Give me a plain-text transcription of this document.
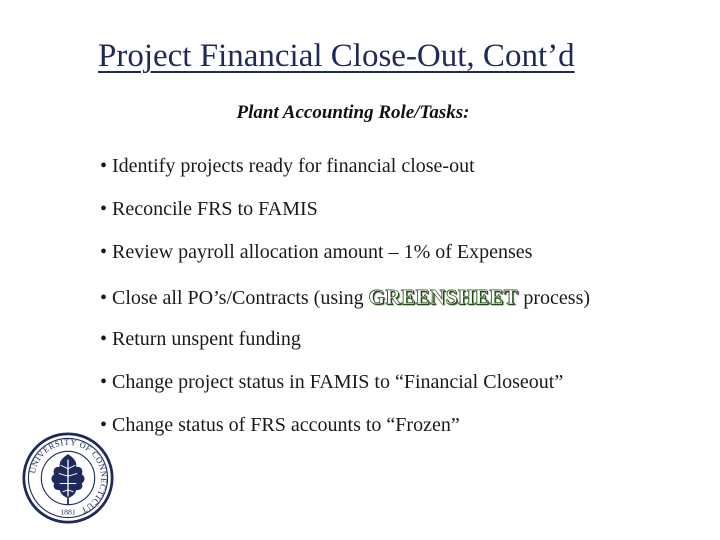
Project Financial Close-Out, Cont’d
Plant Accounting Role/Tasks:
• Identify projects ready for financial close-out
• Reconcile FRS to FAMIS
• Review payroll allocation amount – 1% of Expenses
• Close all PO’s/Contracts (using GREENSHEET process)
• Return unspent funding
• Change project status in FAMIS to “Financial Closeout”
• Change status of FRS accounts to “Frozen”
UNIVERSITY OF CONNECTICUT
1881
